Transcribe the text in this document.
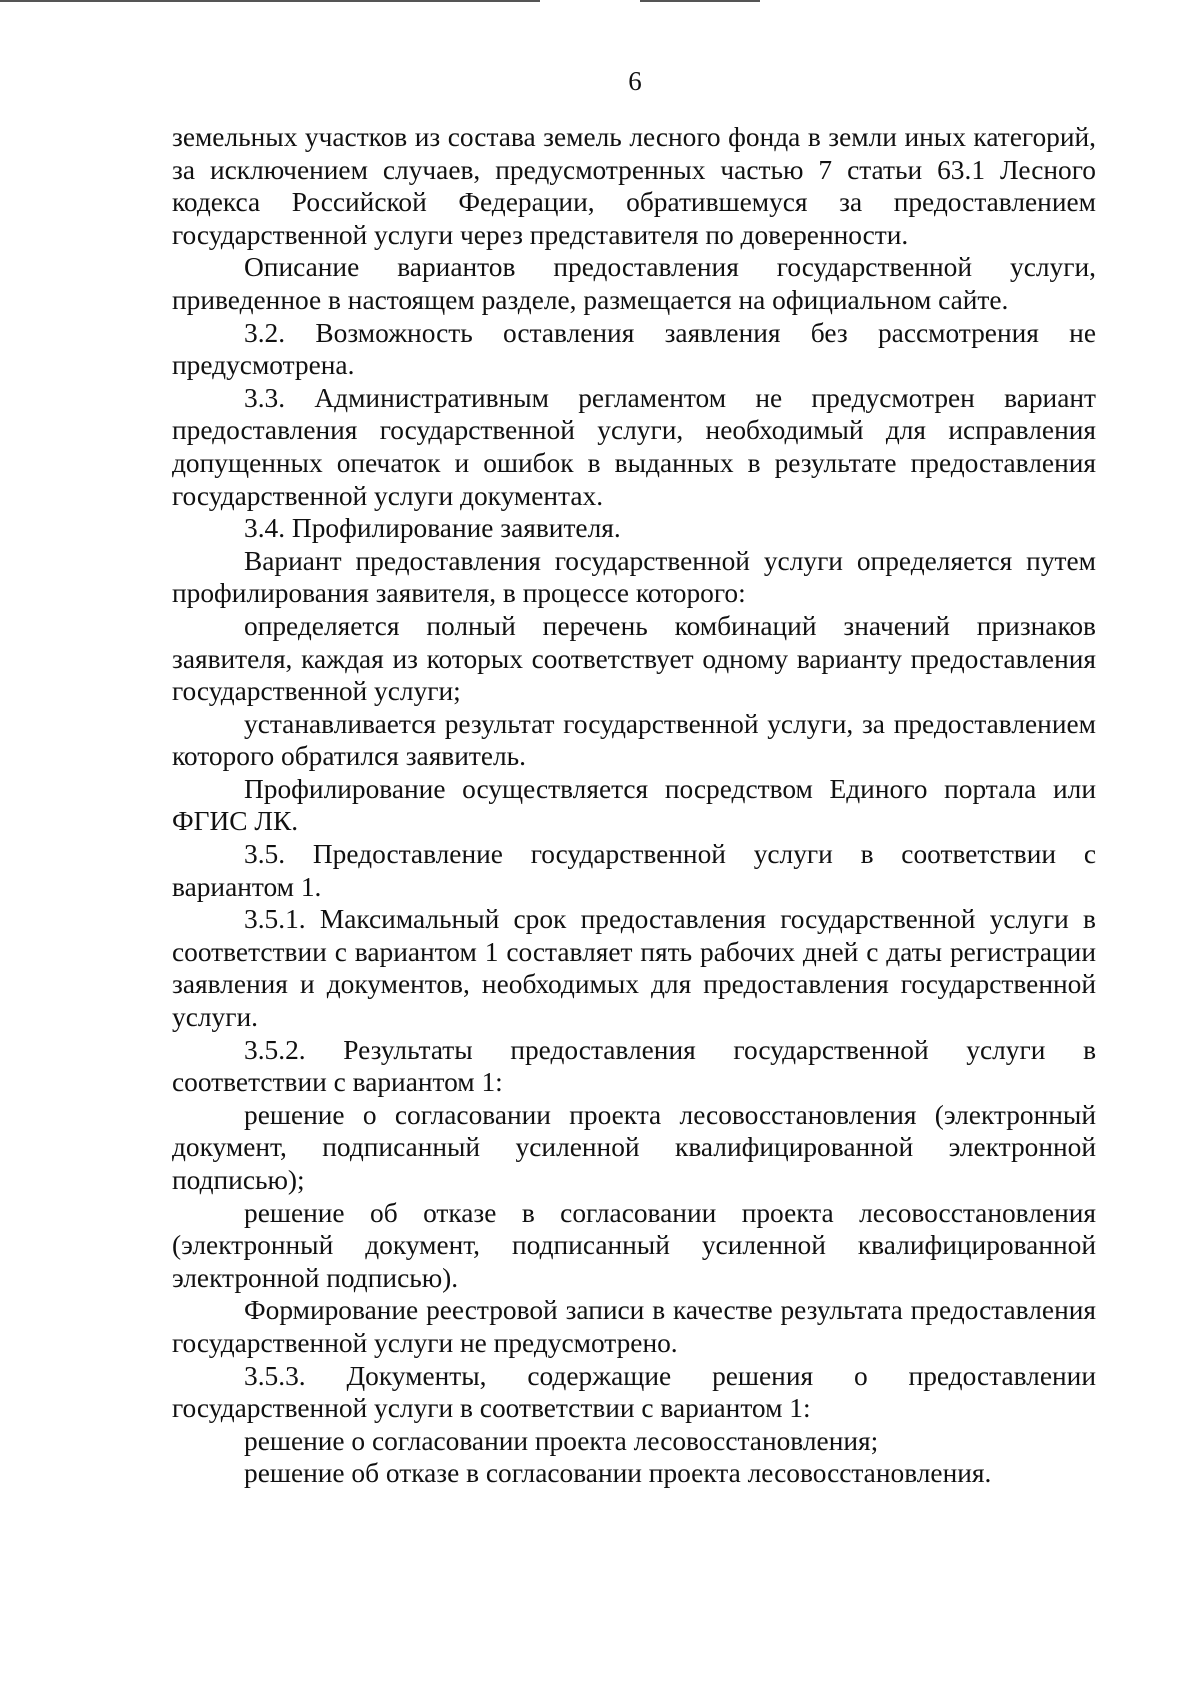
6

земельных участков из состава земель лесного фонда в земли иных категорий, за исключением случаев, предусмотренных частью 7 статьи 63.1 Лесного кодекса Российской Федерации, обратившемуся за предоставлением государственной услуги через представителя по доверенности.

Описание вариантов предоставления государственной услуги, приведенное в настоящем разделе, размещается на официальном сайте.

3.2. Возможность оставления заявления без рассмотрения не предусмотрена.

3.3. Административным регламентом не предусмотрен вариант предоставления государственной услуги, необходимый для исправления допущенных опечаток и ошибок в выданных в результате предоставления государственной услуги документах.

3.4. Профилирование заявителя.

Вариант предоставления государственной услуги определяется путем профилирования заявителя, в процессе которого:

определяется полный перечень комбинаций значений признаков заявителя, каждая из которых соответствует одному варианту предоставления государственной услуги;

устанавливается результат государственной услуги, за предоставлением которого обратился заявитель.

Профилирование осуществляется посредством Единого портала или ФГИС ЛК.

3.5. Предоставление государственной услуги в соответствии с вариантом 1.

3.5.1. Максимальный срок предоставления государственной услуги в соответствии с вариантом 1 составляет пять рабочих дней с даты регистрации заявления и документов, необходимых для предоставления государственной услуги.

3.5.2. Результаты предоставления государственной услуги в соответствии с вариантом 1:

решение о согласовании проекта лесовосстановления (электронный документ, подписанный усиленной квалифицированной электронной подписью);

решение об отказе в согласовании проекта лесовосстановления (электронный документ, подписанный усиленной квалифицированной электронной подписью).

Формирование реестровой записи в качестве результата предоставления государственной услуги не предусмотрено.

3.5.3. Документы, содержащие решения о предоставлении государственной услуги в соответствии с вариантом 1:

решение о согласовании проекта лесовосстановления;

решение об отказе в согласовании проекта лесовосстановления.
